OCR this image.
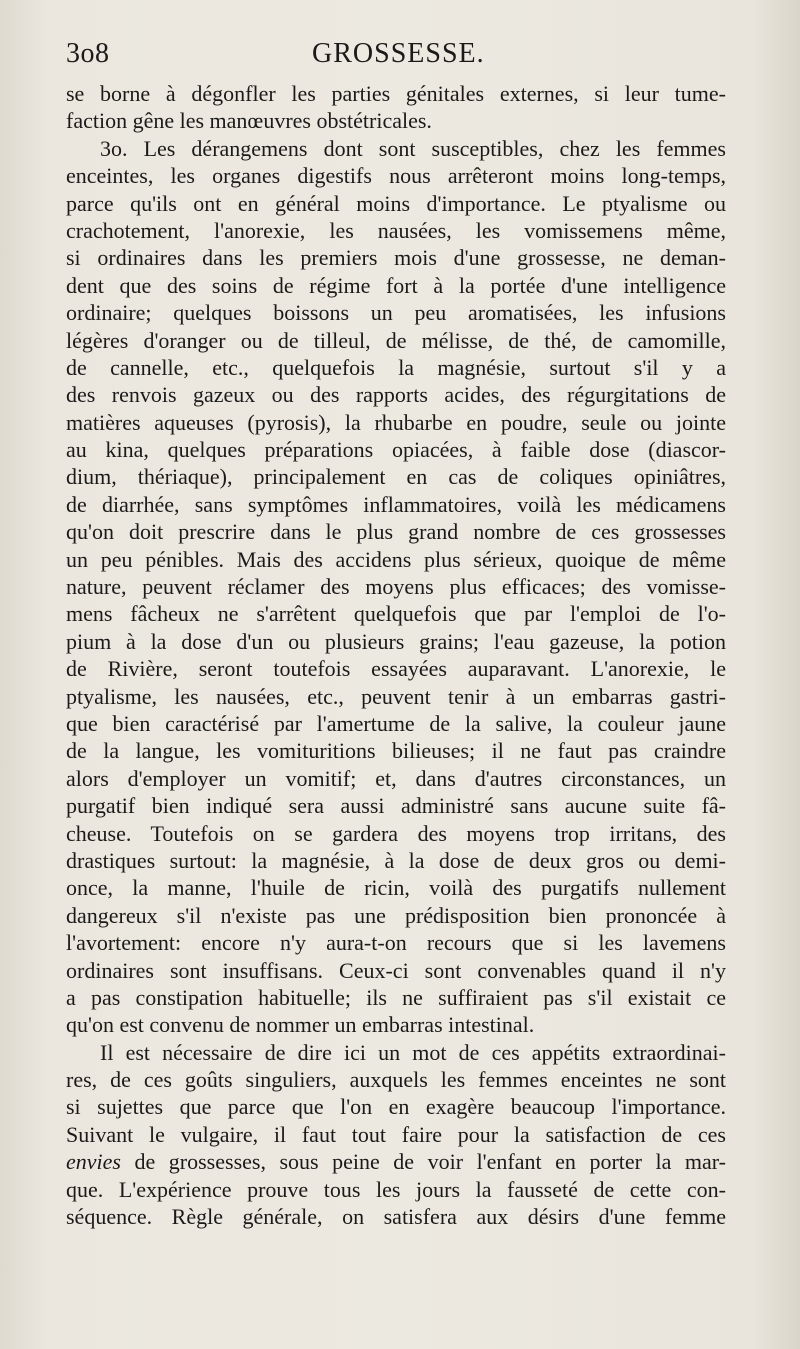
3o8	GROSSESSE.
se borne à dégonfler les parties génitales externes, si leur tume-
faction gêne les manœuvres obstétricales.
3o. Les dérangemens dont sont susceptibles, chez les femmes
enceintes, les organes digestifs nous arrêteront moins long-temps,
parce qu'ils ont en général moins d'importance. Le ptyalisme ou
crachotement, l'anorexie, les nausées, les vomissemens même,
si ordinaires dans les premiers mois d'une grossesse, ne deman-
dent que des soins de régime fort à la portée d'une intelligence
ordinaire; quelques boissons un peu aromatisées, les infusions
légères d'oranger ou de tilleul, de mélisse, de thé, de camomille,
de cannelle, etc., quelquefois la magnésie, surtout s'il y a
des renvois gazeux ou des rapports acides, des régurgitations de
matières aqueuses (pyrosis), la rhubarbe en poudre, seule ou jointe
au kina, quelques préparations opiacées, à faible dose (diascor-
dium, thériaque), principalement en cas de coliques opiniâtres,
de diarrhée, sans symptômes inflammatoires, voilà les médicamens
qu'on doit prescrire dans le plus grand nombre de ces grossesses
un peu pénibles. Mais des accidens plus sérieux, quoique de même
nature, peuvent réclamer des moyens plus efficaces; des vomisse-
mens fâcheux ne s'arrêtent quelquefois que par l'emploi de l'o-
pium à la dose d'un ou plusieurs grains; l'eau gazeuse, la potion
de Rivière, seront toutefois essayées auparavant. L'anorexie, le
ptyalisme, les nausées, etc., peuvent tenir à un embarras gastri-
que bien caractérisé par l'amertume de la salive, la couleur jaune
de la langue, les vomituritions bilieuses; il ne faut pas craindre
alors d'employer un vomitif; et, dans d'autres circonstances, un
purgatif bien indiqué sera aussi administré sans aucune suite fâ-
cheuse. Toutefois on se gardera des moyens trop irritans, des
drastiques surtout: la magnésie, à la dose de deux gros ou demi-
once, la manne, l'huile de ricin, voilà des purgatifs nullement
dangereux s'il n'existe pas une prédisposition bien prononcée à
l'avortement: encore n'y aura-t-on recours que si les lavemens
ordinaires sont insuffisans. Ceux-ci sont convenables quand il n'y
a pas constipation habituelle; ils ne suffiraient pas s'il existait ce
qu'on est convenu de nommer un embarras intestinal.
Il est nécessaire de dire ici un mot de ces appétits extraordinai-
res, de ces goûts singuliers, auxquels les femmes enceintes ne sont
si sujettes que parce que l'on en exagère beaucoup l'importance.
Suivant le vulgaire, il faut tout faire pour la satisfaction de ces
envies de grossesses, sous peine de voir l'enfant en porter la mar-
que. L'expérience prouve tous les jours la fausseté de cette con-
séquence. Règle générale, on satisfera aux désirs d'une femme
